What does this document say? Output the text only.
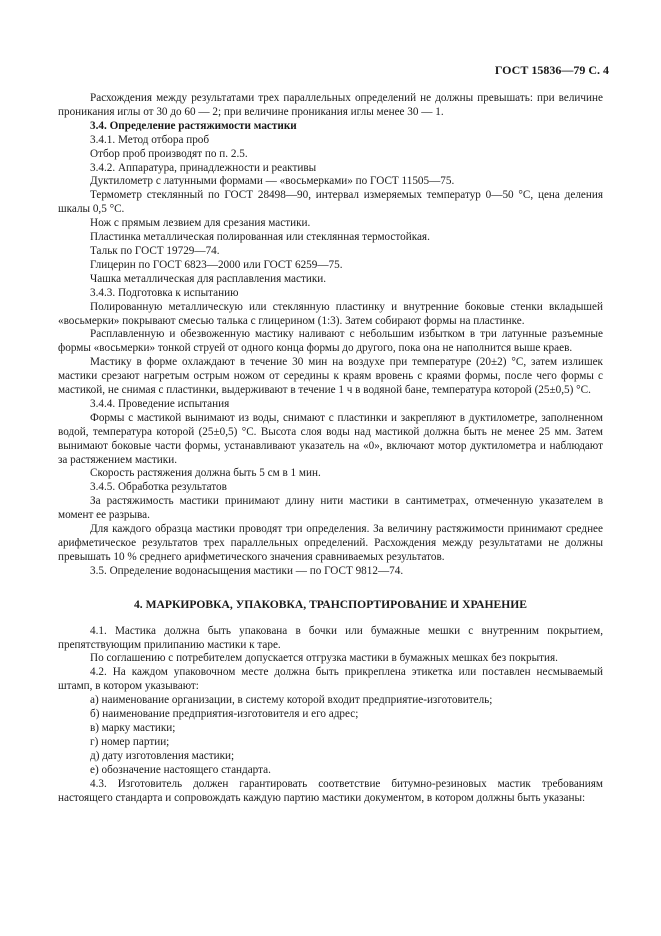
ГОСТ 15836—79 С. 4

Расхождения между результатами трех параллельных определений не должны превышать: при величине проникания иглы от 30 до 60 — 2; при величине проникания иглы менее 30 — 1.

3.4. Определение растяжимости мастики

3.4.1. Метод отбора проб

Отбор проб производят по п. 2.5.

3.4.2. Аппаратура, принадлежности и реактивы

Дуктилометр с латунными формами — «восьмерками» по ГОСТ 11505—75.

Термометр стеклянный по ГОСТ 28498—90, интервал измеряемых температур 0—50 °С, цена деления шкалы 0,5 °С.

Нож с прямым лезвием для срезания мастики.

Пластинка металлическая полированная или стеклянная термостойкая.

Тальк по ГОСТ 19729—74.

Глицерин по ГОСТ 6823—2000 или ГОСТ 6259—75.

Чашка металлическая для расплавления мастики.

3.4.3. Подготовка к испытанию

Полированную металлическую или стеклянную пластинку и внутренние боковые стенки вкладышей «восьмерки» покрывают смесью талька с глицерином (1:3). Затем собирают формы на пластинке.

Расплавленную и обезвоженную мастику наливают с небольшим избытком в три латунные разъемные формы «восьмерки» тонкой струей от одного конца формы до другого, пока она не наполнится выше краев.

Мастику в форме охлаждают в течение 30 мин на воздухе при температуре (20±2) °С, затем излишек мастики срезают нагретым острым ножом от середины к краям вровень с краями формы, после чего формы с мастикой, не снимая с пластинки, выдерживают в течение 1 ч в водяной бане, температура которой (25±0,5) °С.

3.4.4. Проведение испытания

Формы с мастикой вынимают из воды, снимают с пластинки и закрепляют в дуктилометре, заполненном водой, температура которой (25±0,5) °С. Высота слоя воды над мастикой должна быть не менее 25 мм. Затем вынимают боковые части формы, устанавливают указатель на «0», включают мотор дуктилометра и наблюдают за растяжением мастики.

Скорость растяжения должна быть 5 см в 1 мин.

3.4.5. Обработка результатов

За растяжимость мастики принимают длину нити мастики в сантиметрах, отмеченную указателем в момент ее разрыва.

Для каждого образца мастики проводят три определения. За величину растяжимости принимают среднее арифметическое результатов трех параллельных определений. Расхождения между результатами не должны превышать 10 % среднего арифметического значения сравниваемых результатов.

3.5. Определение водонасыщения мастики — по ГОСТ 9812—74.

4. МАРКИРОВКА, УПАКОВКА, ТРАНСПОРТИРОВАНИЕ И ХРАНЕНИЕ

4.1. Мастика должна быть упакована в бочки или бумажные мешки с внутренним покрытием, препятствующим прилипанию мастики к таре.

По соглашению с потребителем допускается отгрузка мастики в бумажных мешках без покрытия.

4.2. На каждом упаковочном месте должна быть прикреплена этикетка или поставлен несмываемый штамп, в котором указывают:

а) наименование организации, в систему которой входит предприятие-изготовитель;

б) наименование предприятия-изготовителя и его адрес;

в) марку мастики;

г) номер партии;

д) дату изготовления мастики;

е) обозначение настоящего стандарта.

4.3. Изготовитель должен гарантировать соответствие битумно-резиновых мастик требованиям настоящего стандарта и сопровождать каждую партию мастики документом, в котором должны быть указаны:
